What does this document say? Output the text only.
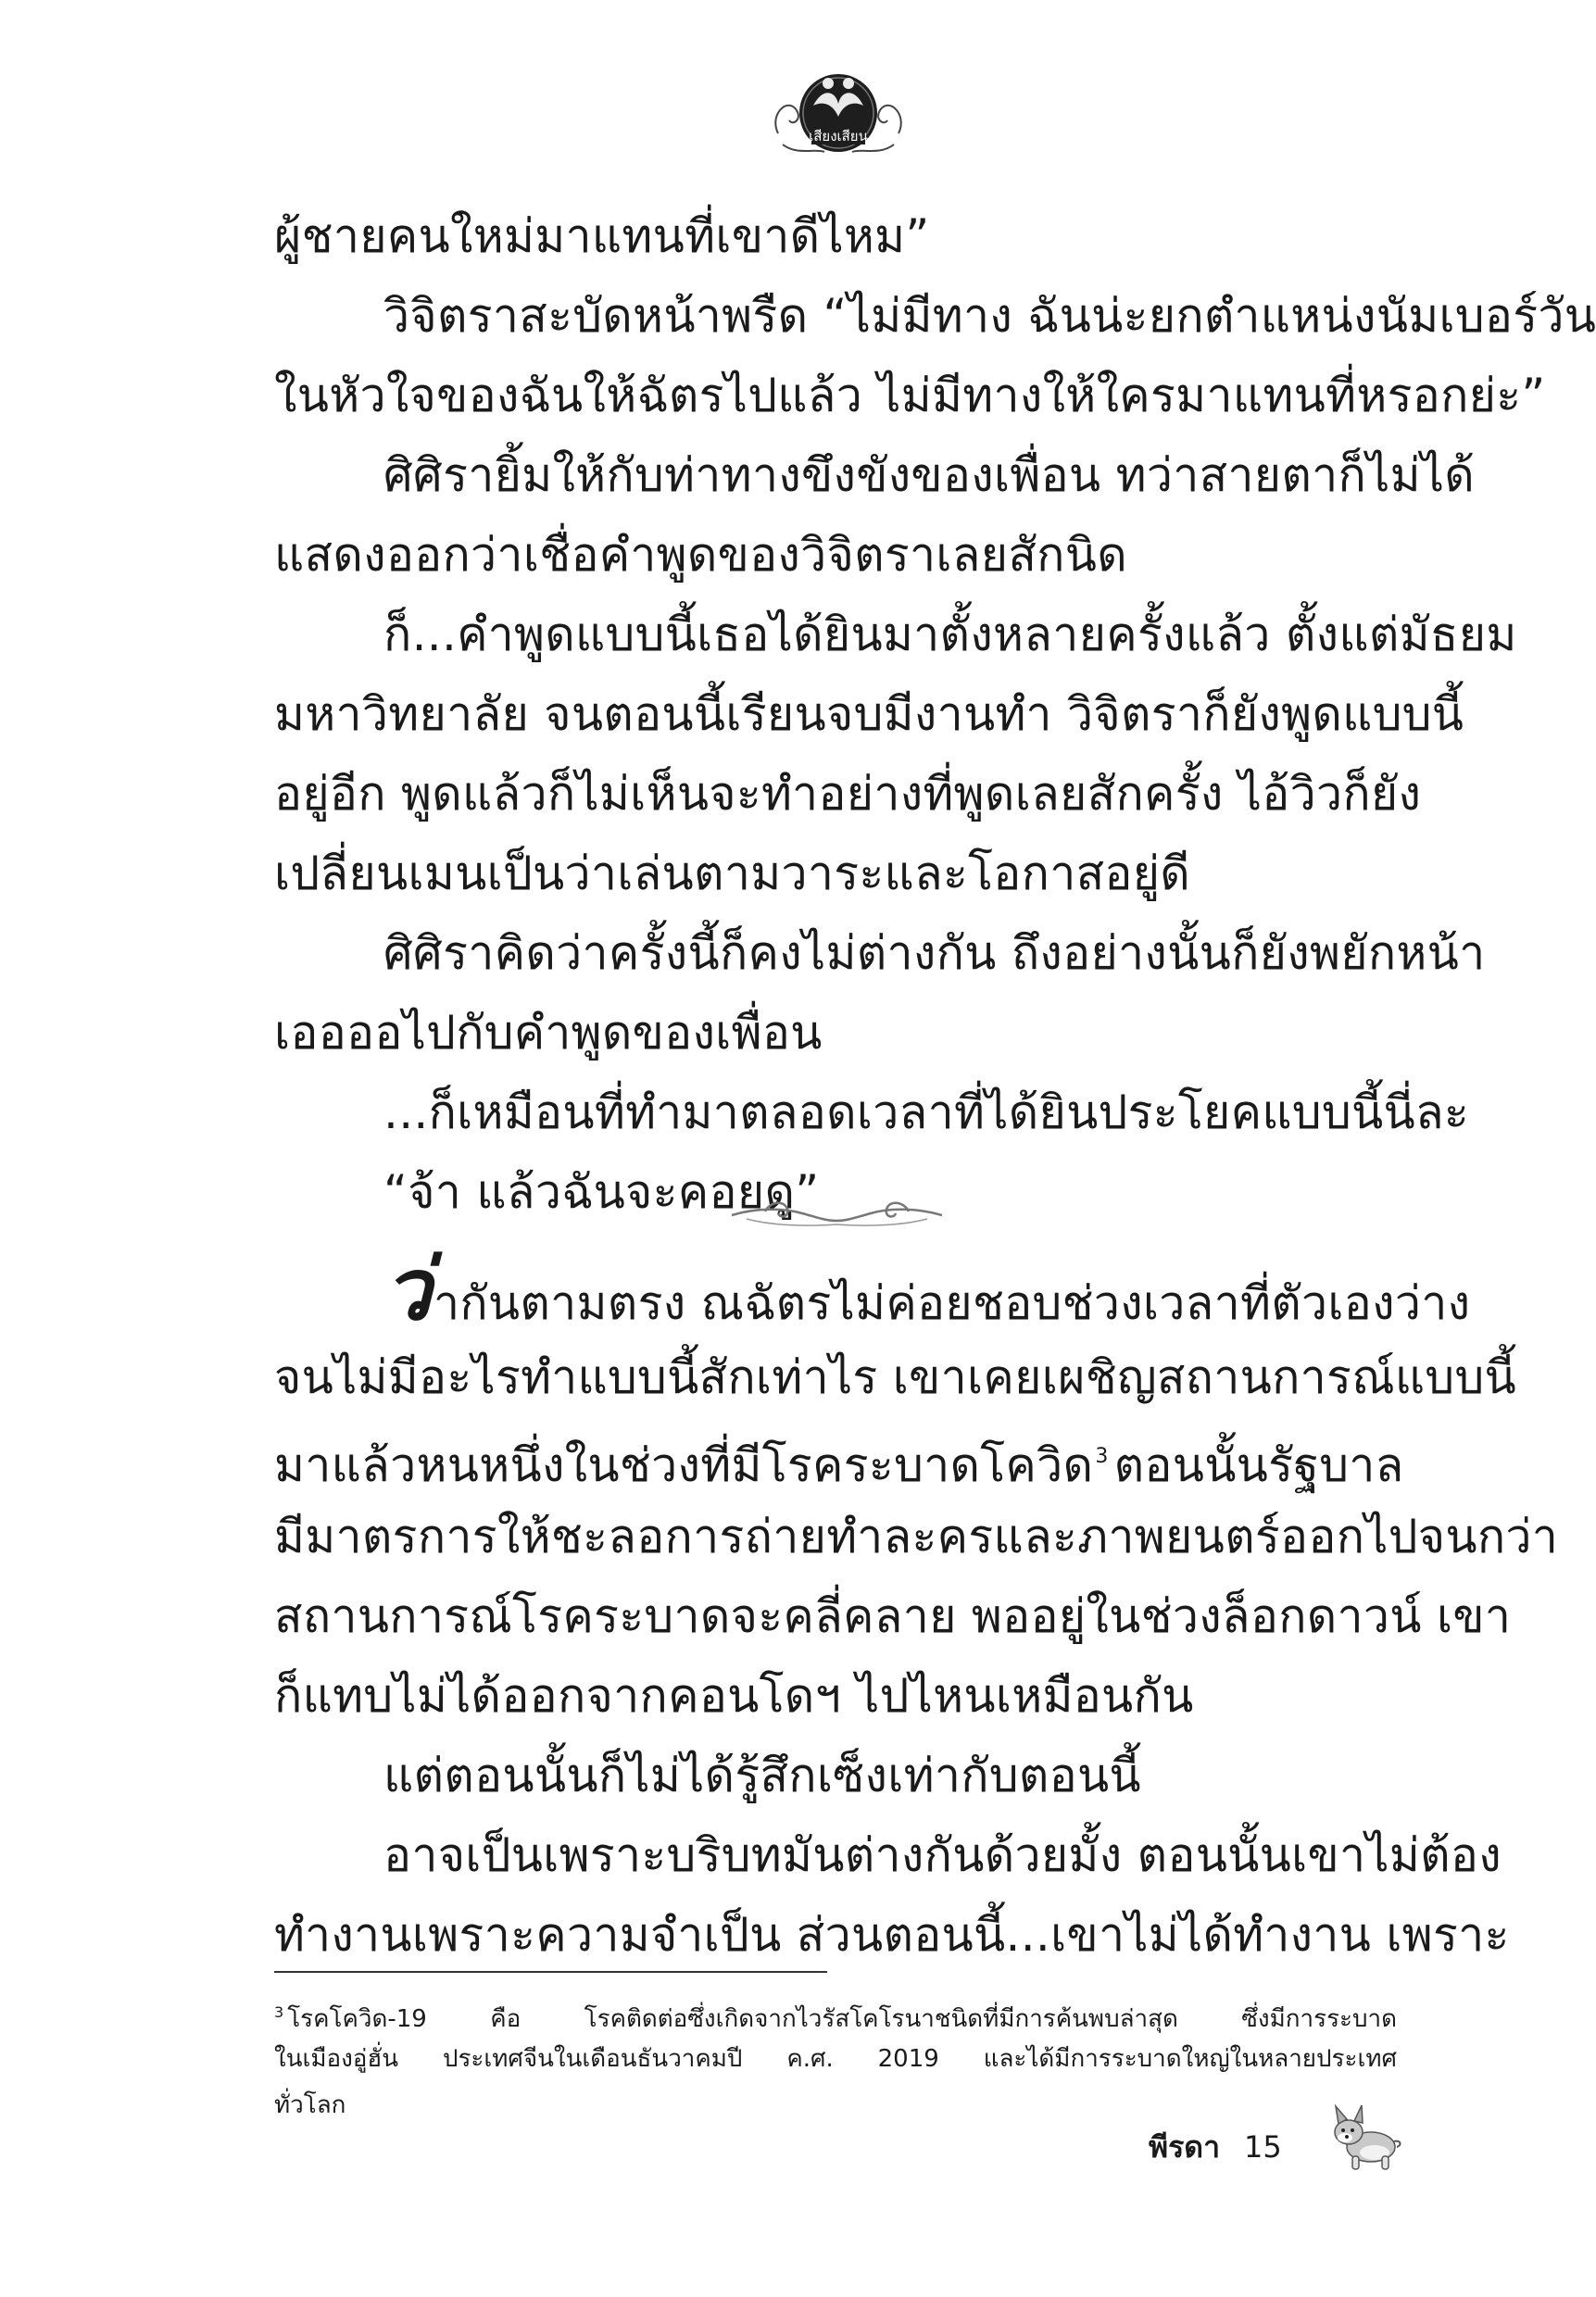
เสียงเสียน
ผู้ชายคนใหม่มาแทนที่เขาดีไหม”
วิจิตราสะบัดหน้าพรืด “ไม่มีทาง ฉันน่ะยกตำแหน่งนัมเบอร์วัน
ในหัวใจของฉันให้ฉัตรไปแล้ว ไม่มีทางให้ใครมาแทนที่หรอกย่ะ”
ศิศิรายิ้มให้กับท่าทางขึงขังของเพื่อน ทว่าสายตาก็ไม่ได้
แสดงออกว่าเชื่อคำพูดของวิจิตราเลยสักนิด
ก็...คำพูดแบบนี้เธอได้ยินมาตั้งหลายครั้งแล้ว ตั้งแต่มัธยม
มหาวิทยาลัย จนตอนนี้เรียนจบมีงานทำ วิจิตราก็ยังพูดแบบนี้
อยู่อีก พูดแล้วก็ไม่เห็นจะทำอย่างที่พูดเลยสักครั้ง ไอ้วิวก็ยัง
เปลี่ยนเมนเป็นว่าเล่นตามวาระและโอกาสอยู่ดี
ศิศิราคิดว่าครั้งนี้ก็คงไม่ต่างกัน ถึงอย่างนั้นก็ยังพยักหน้า
เออออไปกับคำพูดของเพื่อน
...ก็เหมือนที่ทำมาตลอดเวลาที่ได้ยินประโยคแบบนี้นี่ละ
“จ้า แล้วฉันจะคอยดู”
ว่ากันตามตรง ณฉัตรไม่ค่อยชอบช่วงเวลาที่ตัวเองว่าง
จนไม่มีอะไรทำแบบนี้สักเท่าไร เขาเคยเผชิญสถานการณ์แบบนี้
มาแล้วหนหนึ่งในช่วงที่มีโรคระบาดโควิด$^3$ ตอนนั้นรัฐบาล
มีมาตรการให้ชะลอการถ่ายทำละครและภาพยนตร์ออกไปจนกว่า
สถานการณ์โรคระบาดจะคลี่คลาย พออยู่ในช่วงล็อกดาวน์ เขา
ก็แทบไม่ได้ออกจากคอนโดฯ ไปไหนเหมือนกัน
แต่ตอนนั้นก็ไม่ได้รู้สึกเซ็งเท่ากับตอนนี้
อาจเป็นเพราะบริบทมันต่างกันด้วยมั้ง ตอนนั้นเขาไม่ต้อง
ทำงานเพราะความจำเป็น ส่วนตอนนี้...เขาไม่ได้ทำงาน เพราะ
$^3$ โรคโควิด-19 คือ โรคติดต่อซึ่งเกิดจากไวรัสโคโรนาชนิดที่มีการค้นพบล่าสุด ซึ่งมีการระบาด
ในเมืองอู่ฮั่น ประเทศจีนในเดือนธันวาคมปี ค.ศ. 2019 และได้มีการระบาดใหญ่ในหลายประเทศ
ทั่วโลก
พีรดา 15
